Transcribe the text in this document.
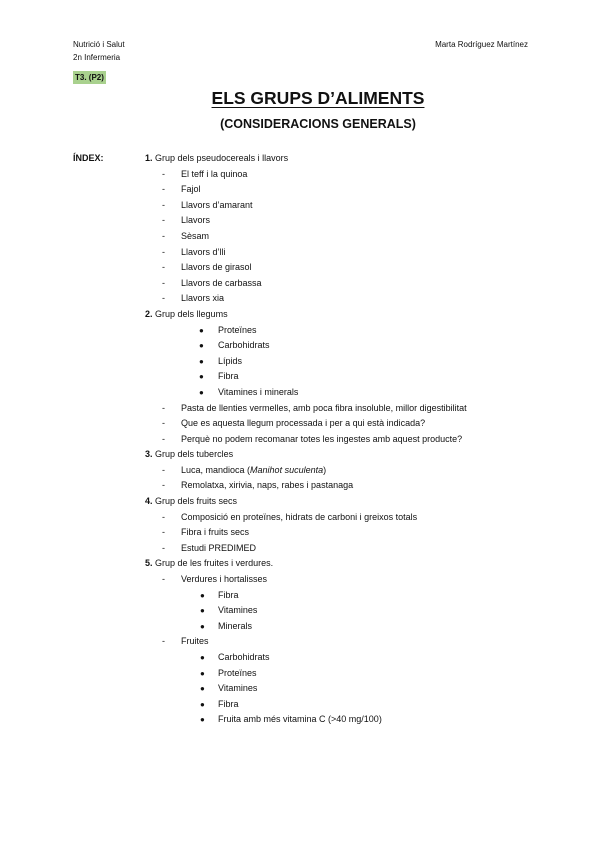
Nutrició i Salut
2n Infermeria
Marta Rodríguez Martínez
T3. (P2)
ELS GRUPS D’ALIMENTS
(CONSIDERACIONS GENERALS)
ÍNDEX:	1. Grup dels pseudocereals i llavors
- El teff i la quinoa
- Fajol
- Llavors d’amarant
- Llavors
- Sèsam
- Llavors d’lli
- Llavors de girasol
- Llavors de carbassa
- Llavors xia
2. Grup dels llegums
● Proteïnes
● Carbohidrats
● Lípids
● Fibra
● Vitamines i minerals
- Pasta de llenties vermelles, amb poca fibra insoluble, millor digestibilitat
- Que es aquesta llegum processada i per a qui està indicada?
- Perquè no podem recomanar totes les ingestes amb aquest producte?
3. Grup dels tubercles
- Luca, mandioca (Manihot suculenta)
- Remolatxa, xirivia, naps, rabes i pastanaga
4. Grup dels fruits secs
- Composició en proteïnes, hidrats de carboni i greixos totals
- Fibra i fruits secs
- Estudi PREDIMED
5. Grup de les fruites i verdures.
- Verdures i hortalisses
● Fibra
● Vitamines
● Minerals
- Fruites
● Carbohidrats
● Proteïnes
● Vitamines
● Fibra
● Fruita amb més vitamina C (>40 mg/100)
